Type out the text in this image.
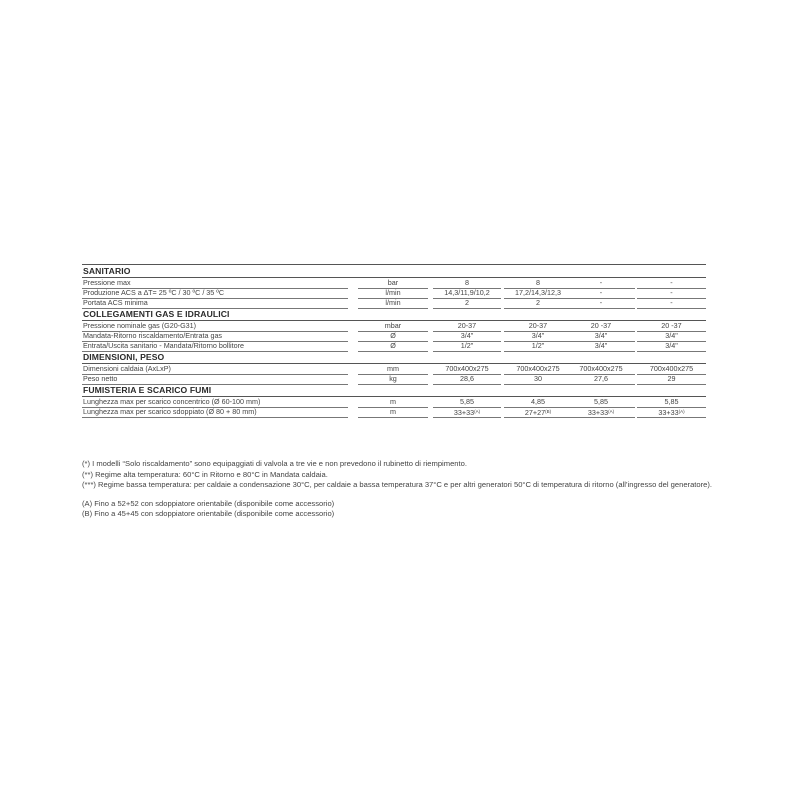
SANITARIO
Pressione max	bar	8	8	-	-
Produzione ACS a ∆T= 25 ºC / 30 ºC / 35 ºC	l/min	14,3/11,9/10,2	17,2/14,3/12,3	-	-
Portata ACS minima	l/min	2	2	-	-
COLLEGAMENTI GAS E IDRAULICI
Pressione nominale gas (G20-G31)	mbar	20-37	20-37	20 -37	20 -37
Mandata-Ritorno riscaldamento/Entrata gas	Ø	3/4"	3/4"	3/4"	3/4"
Entrata/Uscita sanitario - Mandata/Ritorno bollitore	Ø	1/2"	1/2"	3/4"	3/4"
DIMENSIONI, PESO
Dimensioni caldaia (AxLxP)	mm	700x400x275	700x400x275	700x400x275	700x400x275
Peso netto	kg	28,6	30	27,6	29
FUMISTERIA E SCARICO FUMI
Lunghezza max per scarico concentrico (Ø 60-100 mm)	m	5,85	4,85	5,85	5,85
Lunghezza max per scarico sdoppiato (Ø 80 + 80 mm)	m	33+33$^{(A)}$	27+27$^{(B)}$	33+33$^{(A)}$	33+33$^{(A)}$

(*) I modelli “Solo riscaldamento” sono equipaggiati di valvola a tre vie e non prevedono il rubinetto di riempimento.

(**) Regime alta temperatura: 60°C in Ritorno e 80°C in Mandata caldaia.

(***) Regime bassa temperatura: per caldaie a condensazione 30°C, per caldaie a bassa temperatura 37°C e per altri generatori 50°C di temperatura di ritorno (all’ingresso del generatore).

(A) Fino a 52+52 con sdoppiatore orientabile (disponibile come accessorio)

(B) Fino a 45+45 con sdoppiatore orientabile (disponibile come accessorio)
